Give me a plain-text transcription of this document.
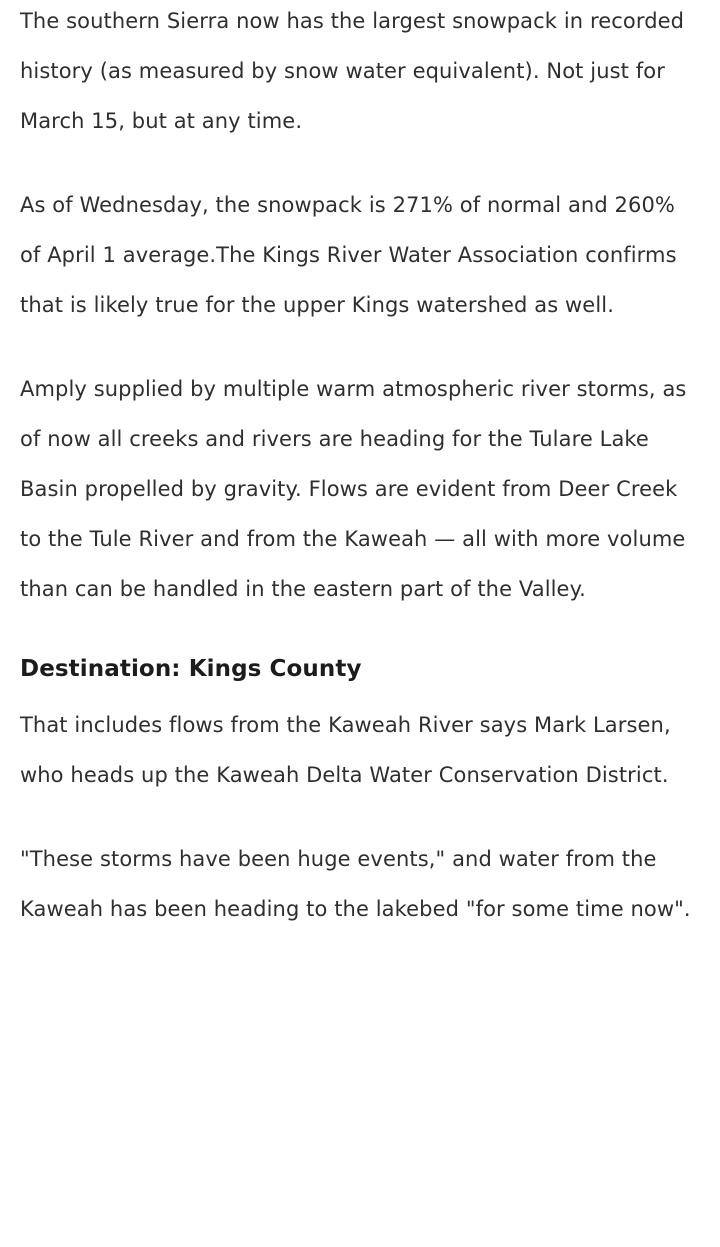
The southern Sierra now has the largest snowpack in recorded history (as measured by snow water equivalent). Not just for March 15, but at any time.

As of Wednesday, the snowpack is 271% of normal and 260% of April 1 average.The Kings River Water Association confirms that is likely true for the upper Kings watershed as well.

Amply supplied by multiple warm atmospheric river storms, as of now all creeks and rivers are heading for the Tulare Lake Basin propelled by gravity. Flows are evident from Deer Creek to the Tule River and from the Kaweah — all with more volume than can be handled in the eastern part of the Valley.

Destination: Kings County

That includes flows from the Kaweah River says Mark Larsen, who heads up the Kaweah Delta Water Conservation District.

"These storms have been huge events," and water from the Kaweah has been heading to the lakebed "for some time now".
